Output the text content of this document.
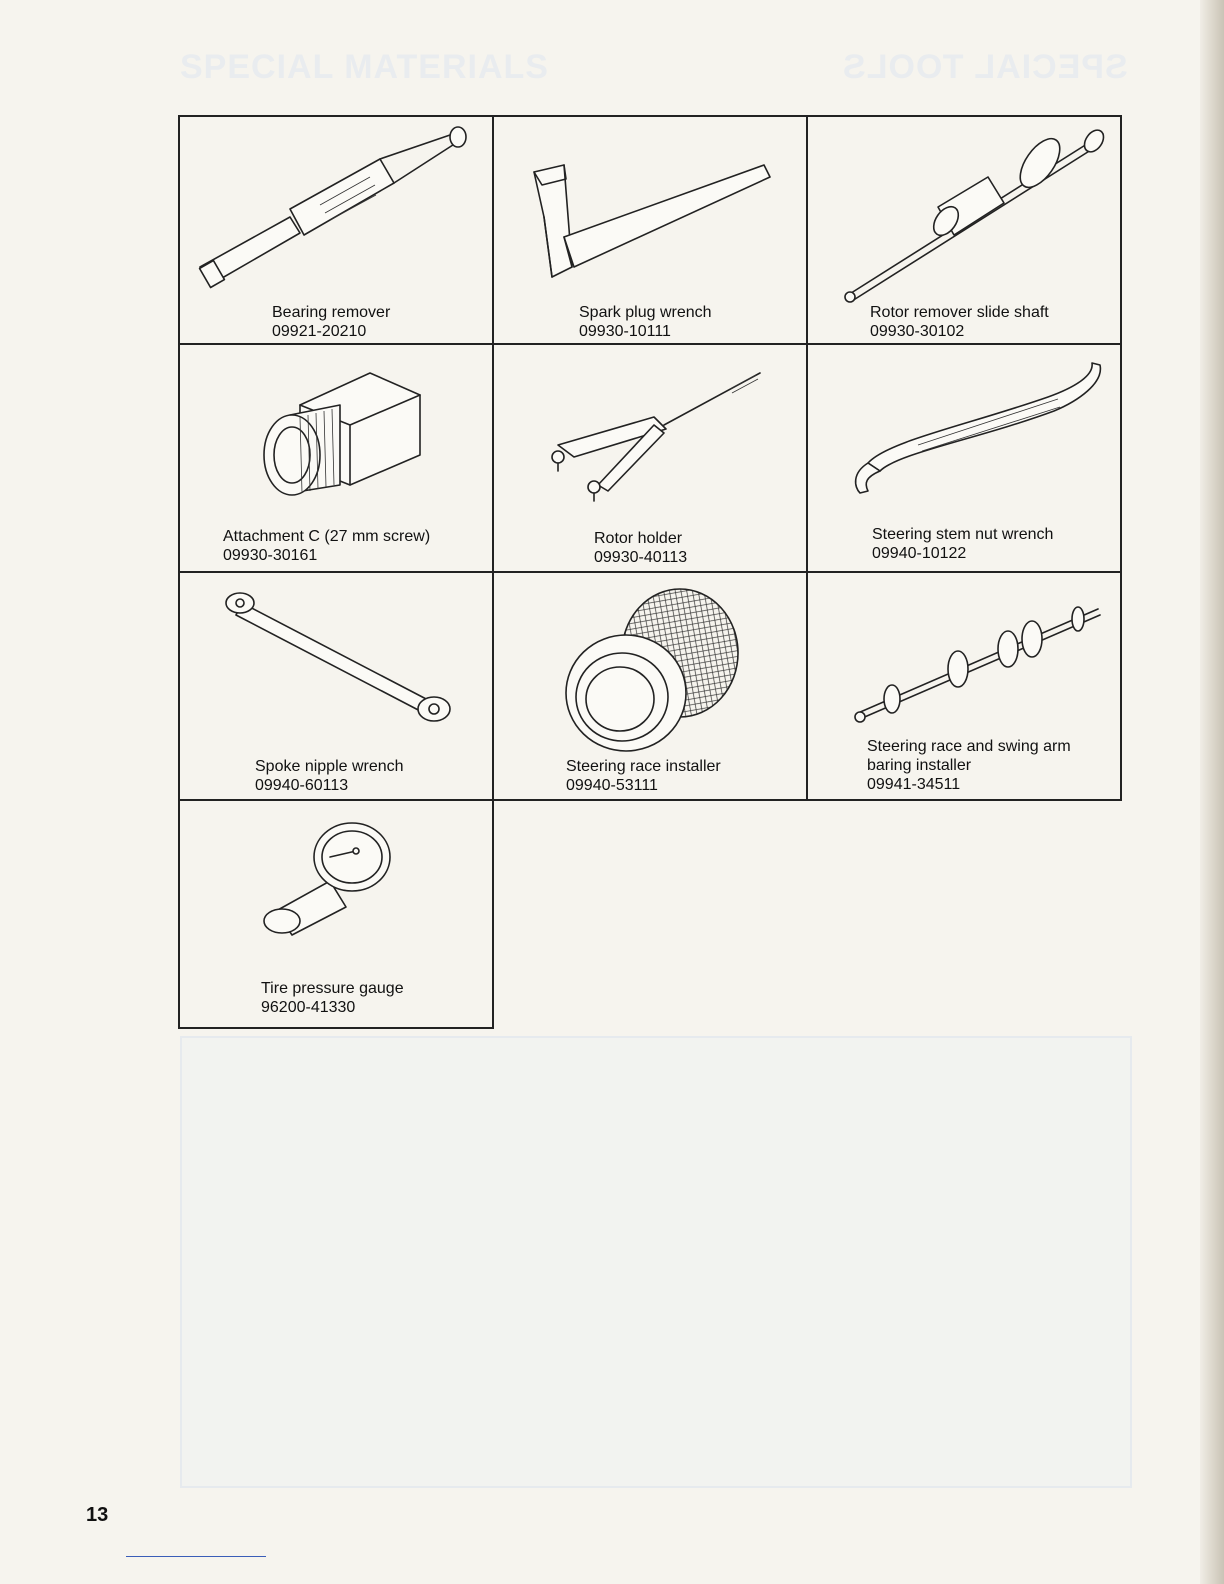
SPECIAL MATERIALS	SPECIAL TOOLS
Bearing remover
09921-20210
Spark plug wrench
09930-10111
Rotor remover slide shaft
09930-30102
Attachment C (27 mm screw)
09930-30161
Rotor holder
09930-40113
Steering stem nut wrench
09940-10122
Spoke nipple wrench
09940-60113
Steering race installer
09940-53111
Steering race and swing arm
baring installer
09941-34511
Tire pressure gauge
96200-41330
13
